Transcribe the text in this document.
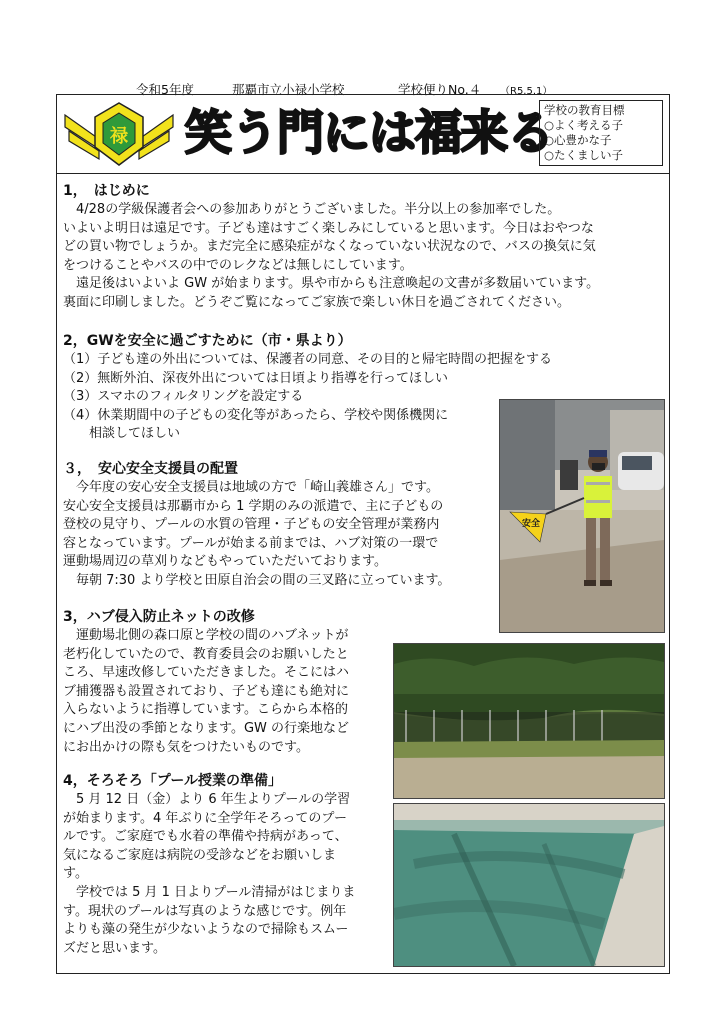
令和5年度	那覇市立小禄小学校	学校便りNo.４ （R5.5.1）
禄 笑う門には福来る
学校の教育目標
○よく考える子
○心豊かな子
○たくましい子
1，　はじめに
　4/28の学級保護者会への参加ありがとうございました。半分以上の参加率でした。
いよいよ明日は遠足です。子ども達はすごく楽しみにしていると思います。今日はおやつな
どの買い物でしょうか。まだ完全に感染症がなくなっていない状況なので、バスの換気に気
をつけることやバスの中でのレクなどは無しにしています。
　遠足後はいよいよ GW が始まります。県や市からも注意喚起の文書が多数届いています。
裏面に印刷しました。どうぞご覧になってご家族で楽しい休日を過ごされてください。
2，GWを安全に過ごすために（市・県より）
（1）子ども達の外出については、保護者の同意、その目的と帰宅時間の把握をする
（2）無断外泊、深夜外出については日頃より指導を行ってほしい
（3）スマホのフィルタリングを設定する
（4）休業期間中の子どもの変化等があったら、学校や関係機関に
　　相談してほしい
３，　安心安全支援員の配置
　今年度の安心安全支援員は地域の方で「崎山義雄さん」です。
安心安全支援員は那覇市から 1 学期のみの派遣で、主に子どもの
登校の見守り、プールの水質の管理・子どもの安全管理が業務内
容となっています。プールが始まる前までは、ハブ対策の一環で
運動場周辺の草刈りなどもやっていただいております。
　毎朝 7:30 より学校と田原自治会の間の三叉路に立っています。
3，ハブ侵入防止ネットの改修
　運動場北側の森口原と学校の間のハブネットが
老朽化していたので、教育委員会のお願いしたと
ころ、早速改修していただきました。そこにはハ
ブ捕獲器も設置されており、子ども達にも絶対に
入らないように指導しています。こらから本格的
にハブ出没の季節となります。GW の行楽地など
にお出かけの際も気をつけたいものです。
4，そろそろ「プール授業の準備」
　5 月 12 日（金）より 6 年生よりプールの学習
が始まります。4 年ぶりに全学年そろってのプー
ルです。ご家庭でも水着の準備や持病があって、
気になるご家庭は病院の受診などをお願いしま
す。
　学校では 5 月 1 日よりプール清掃がはじまりま
す。現状のプールは写真のような感じです。例年
よりも藻の発生が少ないようなので掃除もスムー
ズだと思います。
安全
